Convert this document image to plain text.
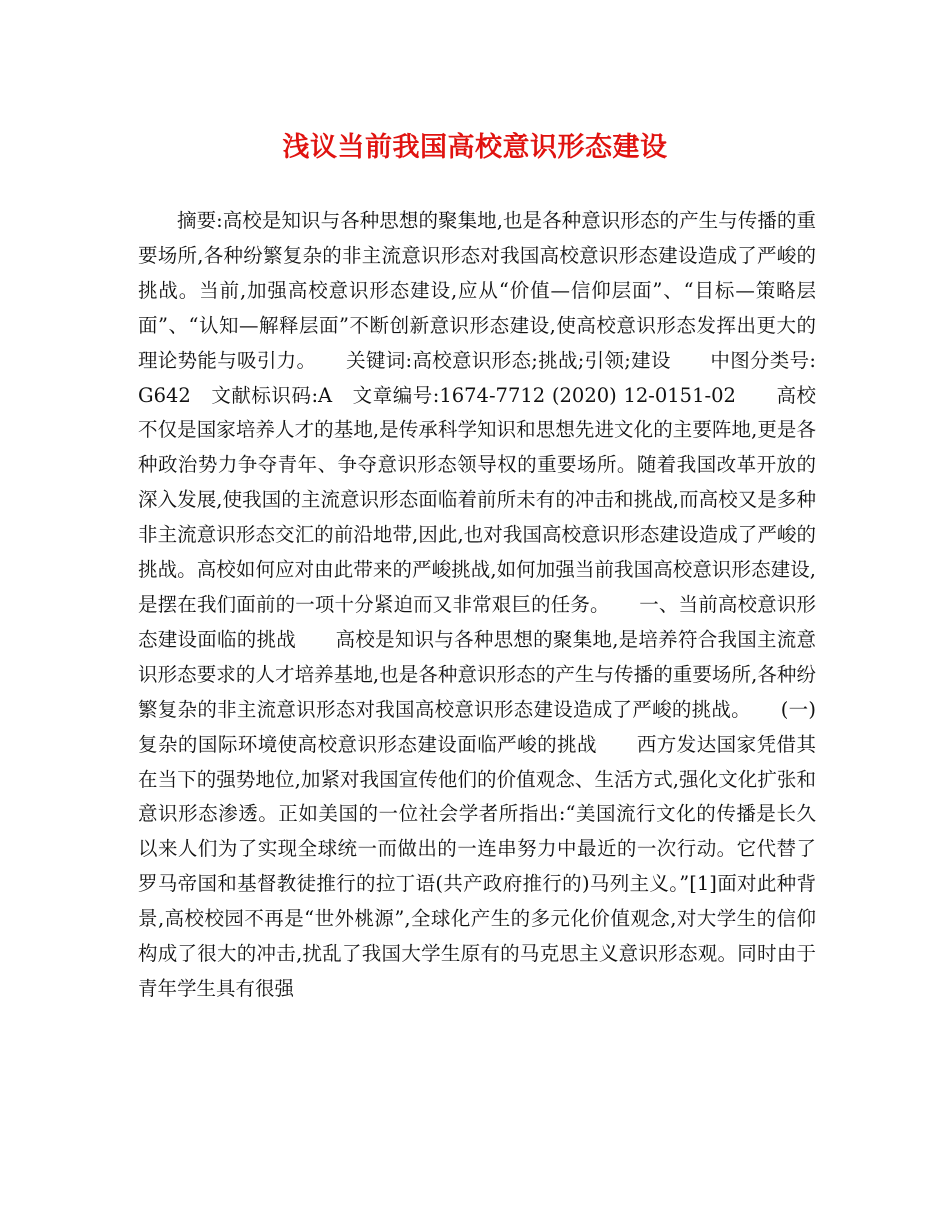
浅议当前我国高校意识形态建设

摘要:高校是知识与各种思想的聚集地,也是各种意识形态的产生与传播的重要场所,各种纷繁复杂的非主流意识形态对我国高校意识形态建设造成了严峻的挑战。当前,加强高校意识形态建设,应从“价值—信仰层面”、“目标—策略层面”、“认知—解释层面”不断创新意识形态建设,使高校意识形态发挥出更大的理论势能与吸引力。　　关键词:高校意识形态;挑战;引领;建设　　中图分类号:G642　文献标识码:A　文章编号:1674-7712 (2020) 12-0151-02　　高校不仅是国家培养人才的基地,是传承科学知识和思想先进文化的主要阵地,更是各种政治势力争夺青年、争夺意识形态领导权的重要场所。随着我国改革开放的深入发展,使我国的主流意识形态面临着前所未有的冲击和挑战,而高校又是多种非主流意识形态交汇的前沿地带,因此,也对我国高校意识形态建设造成了严峻的挑战。高校如何应对由此带来的严峻挑战,如何加强当前我国高校意识形态建设,是摆在我们面前的一项十分紧迫而又非常艰巨的任务。　　一、当前高校意识形态建设面临的挑战　　高校是知识与各种思想的聚集地,是培养符合我国主流意识形态要求的人才培养基地,也是各种意识形态的产生与传播的重要场所,各种纷繁复杂的非主流意识形态对我国高校意识形态建设造成了严峻的挑战。　　(一)复杂的国际环境使高校意识形态建设面临严峻的挑战　　西方发达国家凭借其在当下的强势地位,加紧对我国宣传他们的价值观念、生活方式,强化文化扩张和意识形态渗透。正如美国的一位社会学者所指出:“美国流行文化的传播是长久以来人们为了实现全球统一而做出的一连串努力中最近的一次行动。它代替了罗马帝国和基督教徒推行的拉丁语(共产政府推行的)马列主义。”[1]面对此种背景,高校校园不再是“世外桃源”,全球化产生的多元化价值观念,对大学生的信仰构成了很大的冲击,扰乱了我国大学生原有的马克思主义意识形态观。同时由于青年学生具有很强
